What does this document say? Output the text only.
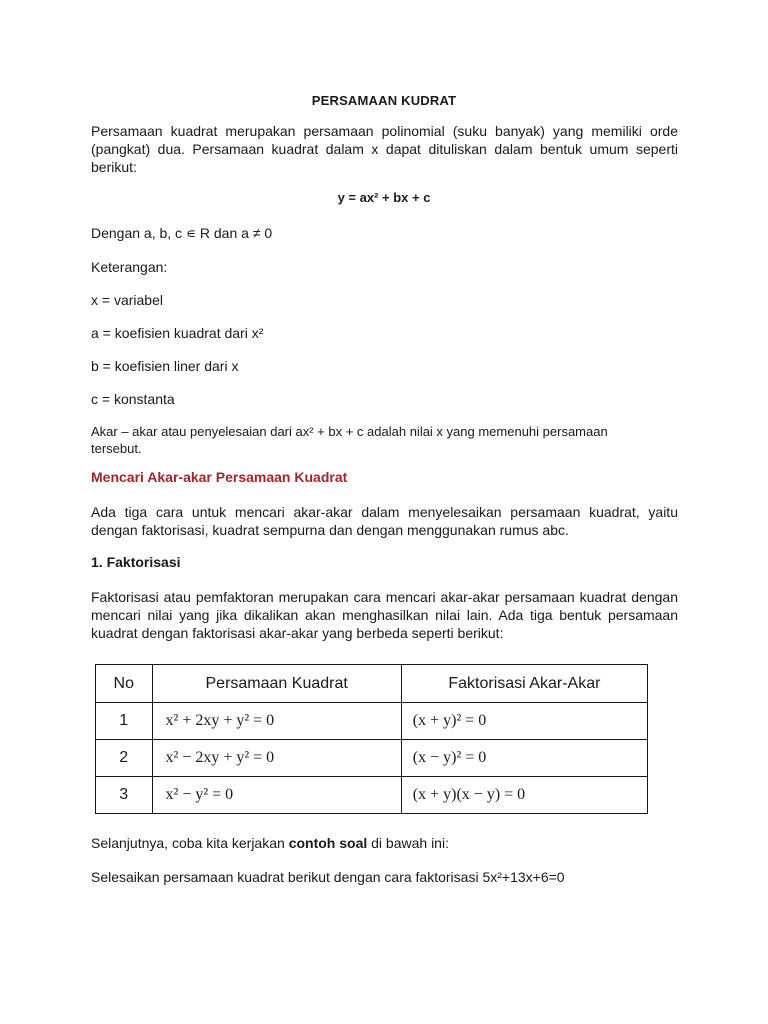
PERSAMAAN KUDRAT

Persamaan kuadrat merupakan persamaan polinomial (suku banyak) yang memiliki orde (pangkat) dua. Persamaan kuadrat dalam x dapat dituliskan dalam bentuk umum seperti berikut:

y = ax² + bx + c

Dengan a, b, c ∊ R dan a ≠ 0

Keterangan:

x = variabel

a = koefisien kuadrat dari x²

b = koefisien liner dari x

c = konstanta

Akar – akar atau penyelesaian dari ax² + bx + c adalah nilai x yang memenuhi persamaan tersebut.

Mencari Akar-akar Persamaan Kuadrat

Ada tiga cara untuk mencari akar-akar dalam menyelesaikan persamaan kuadrat, yaitu dengan faktorisasi, kuadrat sempurna dan dengan menggunakan rumus abc.

1. Faktorisasi

Faktorisasi atau pemfaktoran merupakan cara mencari akar-akar persamaan kuadrat dengan mencari nilai yang jika dikalikan akan menghasilkan nilai lain. Ada tiga bentuk persamaan kuadrat dengan faktorisasi akar-akar yang berbeda seperti berikut:

No	Persamaan Kuadrat	Faktorisasi Akar-Akar
1	x² + 2xy + y² = 0	(x + y)² = 0
2	x² − 2xy + y² = 0	(x − y)² = 0
3	x² − y² = 0	(x + y)(x − y) = 0

Selanjutnya, coba kita kerjakan contoh soal di bawah ini:

Selesaikan persamaan kuadrat berikut dengan cara faktorisasi 5x²+13x+6=0
